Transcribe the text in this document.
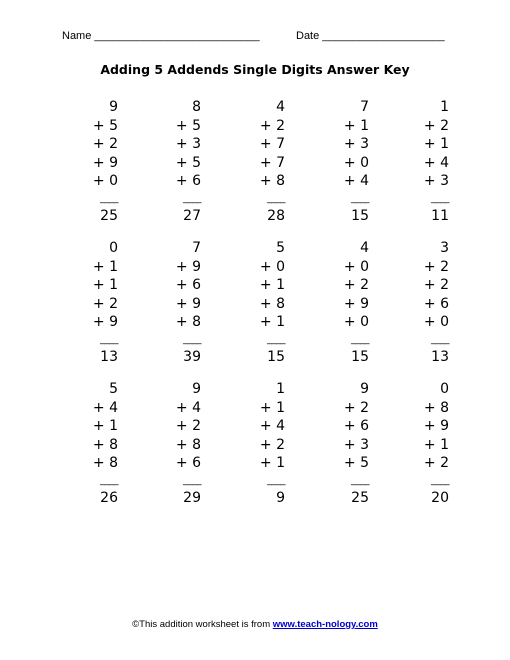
Name ___________________________	Date ____________________
Adding 5 Addends Single Digits Answer Key
9
+ 5
+ 2
+ 9
+ 0
____
25
8
+ 5
+ 3
+ 5
+ 6
____
27
4
+ 2
+ 7
+ 7
+ 8
____
28
7
+ 1
+ 3
+ 0
+ 4
____
15
1
+ 2
+ 1
+ 4
+ 3
____
11
0
+ 1
+ 1
+ 2
+ 9
____
13
7
+ 9
+ 6
+ 9
+ 8
____
39
5
+ 0
+ 1
+ 8
+ 1
____
15
4
+ 0
+ 2
+ 9
+ 0
____
15
3
+ 2
+ 2
+ 6
+ 0
____
13
5
+ 4
+ 1
+ 8
+ 8
____
26
9
+ 4
+ 2
+ 8
+ 6
____
29
1
+ 1
+ 4
+ 2
+ 1
____
9
9
+ 2
+ 6
+ 3
+ 5
____
25
0
+ 8
+ 9
+ 1
+ 2
____
20
©This addition worksheet is from www.teach-nology.com
